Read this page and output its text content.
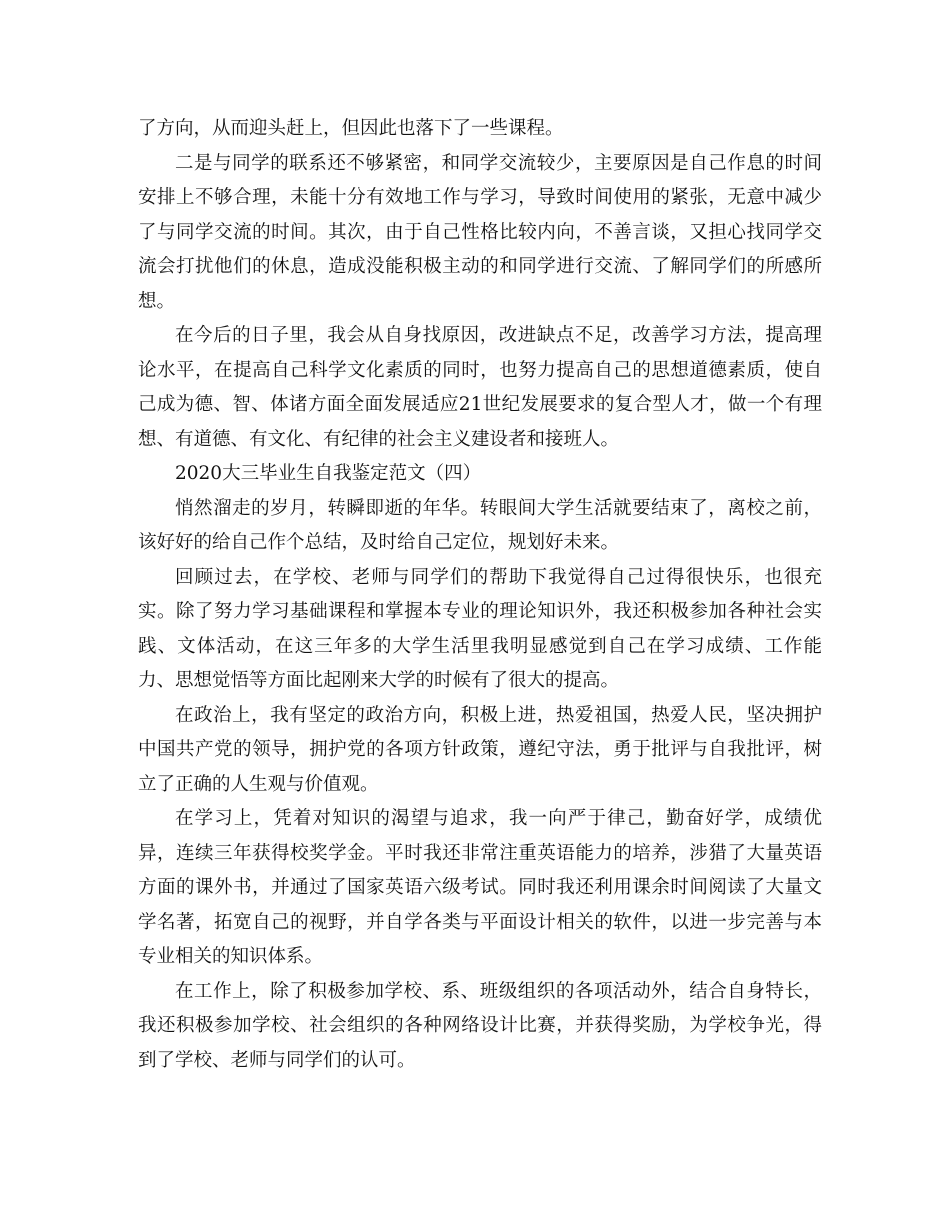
了方向，从而迎头赶上，但因此也落下了一些课程。

二是与同学的联系还不够紧密，和同学交流较少，主要原因是自己作息的时间安排上不够合理，未能十分有效地工作与学习，导致时间使用的紧张，无意中减少了与同学交流的时间。其次，由于自己性格比较内向，不善言谈，又担心找同学交流会打扰他们的休息，造成没能积极主动的和同学进行交流、了解同学们的所感所想。

在今后的日子里，我会从自身找原因，改进缺点不足，改善学习方法，提高理论水平，在提高自己科学文化素质的同时，也努力提高自己的思想道德素质，使自己成为德、智、体诸方面全面发展适应21世纪发展要求的复合型人才，做一个有理想、有道德、有文化、有纪律的社会主义建设者和接班人。

2020大三毕业生自我鉴定范文（四）

悄然溜走的岁月，转瞬即逝的年华。转眼间大学生活就要结束了，离校之前，该好好的给自己作个总结，及时给自己定位，规划好未来。

回顾过去，在学校、老师与同学们的帮助下我觉得自己过得很快乐，也很充实。除了努力学习基础课程和掌握本专业的理论知识外，我还积极参加各种社会实践、文体活动，在这三年多的大学生活里我明显感觉到自己在学习成绩、工作能力、思想觉悟等方面比起刚来大学的时候有了很大的提高。

在政治上，我有坚定的政治方向，积极上进，热爱祖国，热爱人民，坚决拥护中国共产党的领导，拥护党的各项方针政策，遵纪守法，勇于批评与自我批评，树立了正确的人生观与价值观。

在学习上，凭着对知识的渴望与追求，我一向严于律己，勤奋好学，成绩优异，连续三年获得校奖学金。平时我还非常注重英语能力的培养，涉猎了大量英语方面的课外书，并通过了国家英语六级考试。同时我还利用课余时间阅读了大量文学名著，拓宽自己的视野，并自学各类与平面设计相关的软件，以进一步完善与本专业相关的知识体系。

在工作上，除了积极参加学校、系、班级组织的各项活动外，结合自身特长，我还积极参加学校、社会组织的各种网络设计比赛，并获得奖励，为学校争光，得到了学校、老师与同学们的认可。
